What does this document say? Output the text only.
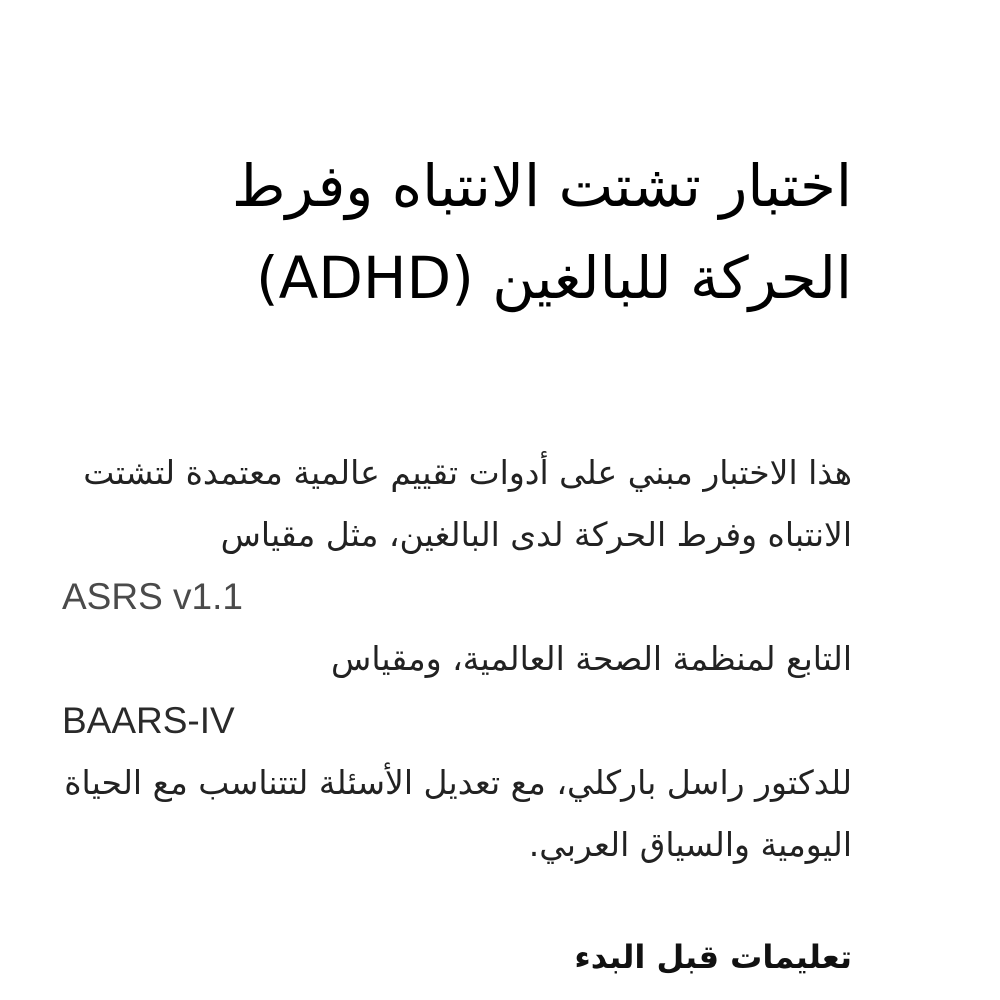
اختبار تشتت الانتباه وفرط
الحركة للبالغين (ADHD)
هذا الاختبار مبني على أدوات تقييم عالمية معتمدة لتشتت
الانتباه وفرط الحركة لدى البالغين، مثل مقياس
ASRS v1.1
التابع لمنظمة الصحة العالمية، ومقياس
BAARS-IV
للدكتور راسل باركلي، مع تعديل الأسئلة لتتناسب مع الحياة
اليومية والسياق العربي.
تعليمات قبل البدء
